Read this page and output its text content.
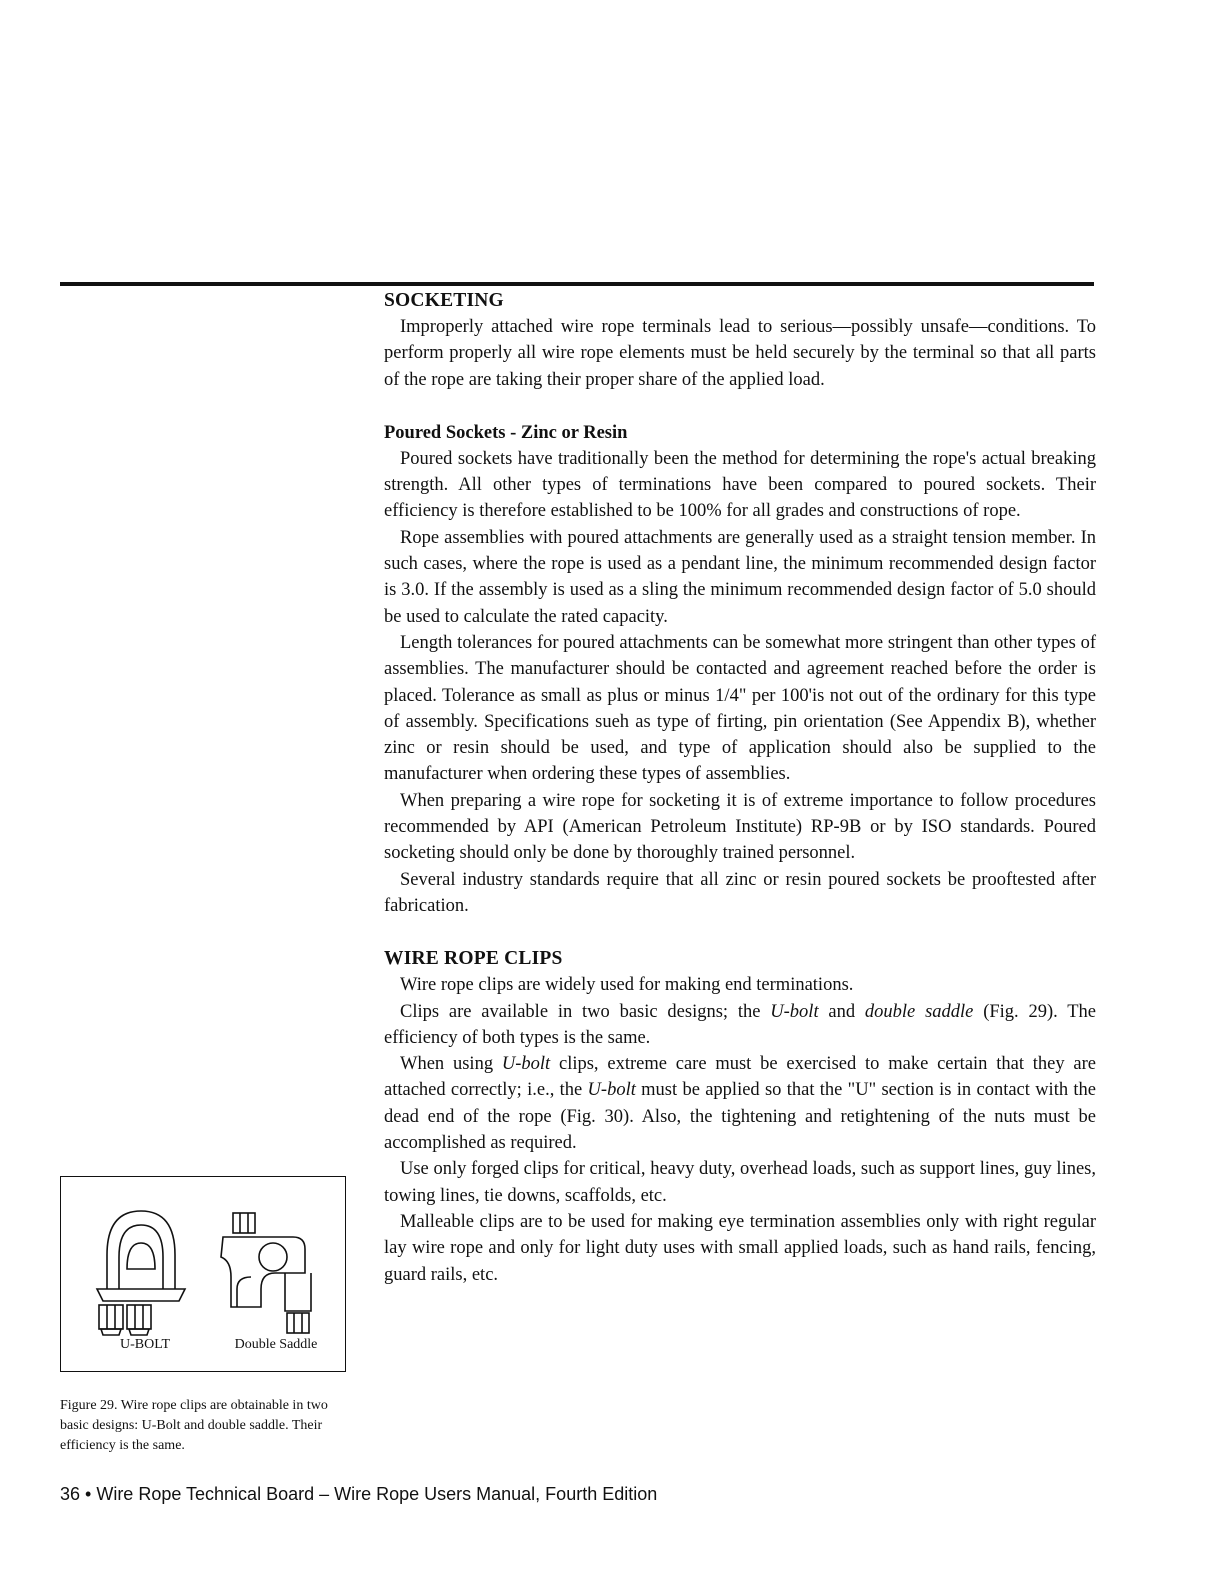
SOCKETING

Improperly attached wire rope terminals lead to serious—possibly unsafe—conditions. To perform properly all wire rope elements must be held securely by the terminal so that all parts of the rope are taking their proper share of the applied load.

Poured Sockets - Zinc or Resin

Poured sockets have traditionally been the method for determining the rope's actual breaking strength. All other types of terminations have been compared to poured sockets. Their efficiency is therefore established to be 100% for all grades and constructions of rope.

Rope assemblies with poured attachments are generally used as a straight tension member. In such cases, where the rope is used as a pendant line, the minimum recommended design factor is 3.0. If the assembly is used as a sling the minimum recommended design factor of 5.0 should be used to calculate the rated capacity.

Length tolerances for poured attachments can be somewhat more stringent than other types of assemblies. The manufacturer should be contacted and agreement reached before the order is placed. Tolerance as small as plus or minus 1/4" per 100'is not out of the ordinary for this type of assembly. Specifications sueh as type of firting, pin orientation (See Appendix B), whether zinc or resin should be used, and type of application should also be supplied to the manufacturer when ordering these types of assemblies.

When preparing a wire rope for socketing it is of extreme importance to follow procedures recommended by API (American Petroleum Institute) RP-9B or by ISO standards. Poured socketing should only be done by thoroughly trained personnel.

Several industry standards require that all zinc or resin poured sockets be prooftested after fabrication.

WIRE ROPE CLIPS

Wire rope clips are widely used for making end terminations.

Clips are available in two basic designs; the U-bolt and double saddle (Fig. 29). The efficiency of both types is the same.

When using U-bolt clips, extreme care must be exercised to make certain that they are attached correctly; i.e., the U-bolt must be applied so that the "U" section is in contact with the dead end of the rope (Fig. 30). Also, the tightening and retightening of the nuts must be accomplished as required.

Use only forged clips for critical, heavy duty, overhead loads, such as support lines, guy lines, towing lines, tie downs, scaffolds, etc.

Malleable clips are to be used for making eye termination assemblies only with right regular lay wire rope and only for light duty uses with small applied loads, such as hand rails, fencing, guard rails, etc.

U-BOLT	Double Saddle
Figure 29. Wire rope clips are obtainable in two basic designs: U-Bolt and double saddle. Their efficiency is the same.
36 • Wire Rope Technical Board – Wire Rope Users Manual, Fourth Edition
